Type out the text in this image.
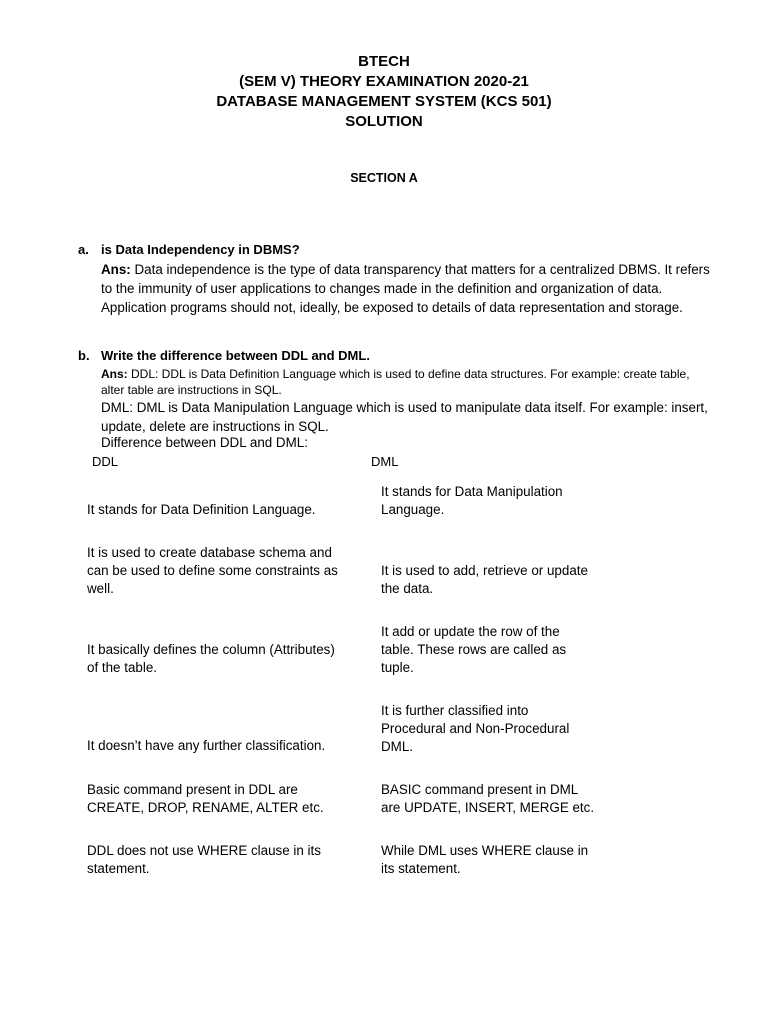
BTECH
(SEM V) THEORY EXAMINATION 2020-21
DATABASE MANAGEMENT SYSTEM (KCS 501)
SOLUTION
SECTION A
a. is Data Independency in DBMS?
Ans: Data independence is the type of data transparency that matters for a centralized DBMS. It refers to the immunity of user applications to changes made in the definition and organization of data. Application programs should not, ideally, be exposed to details of data representation and storage.
b. Write the difference between DDL and DML.
Ans: DDL: DDL is Data Definition Language which is used to define data structures. For example: create table, alter table are instructions in SQL.
DML: DML is Data Manipulation Language which is used to manipulate data itself. For example: insert, update, delete are instructions in SQL.
Difference between DDL and DML:
DDL	DML
It stands for Data Definition Language.
It stands for Data Manipulation
Language.
It is used to create database schema and
can be used to define some constraints as
well.
It is used to add, retrieve or update
the data.
It basically defines the column (Attributes)
of the table.
It add or update the row of the
table. These rows are called as
tuple.
It doesn’t have any further classification.
It is further classified into
Procedural and Non-Procedural
DML.
Basic command present in DDL are
CREATE, DROP, RENAME, ALTER etc.
BASIC command present in DML
are UPDATE, INSERT, MERGE etc.
DDL does not use WHERE clause in its
statement.
While DML uses WHERE clause in
its statement.
